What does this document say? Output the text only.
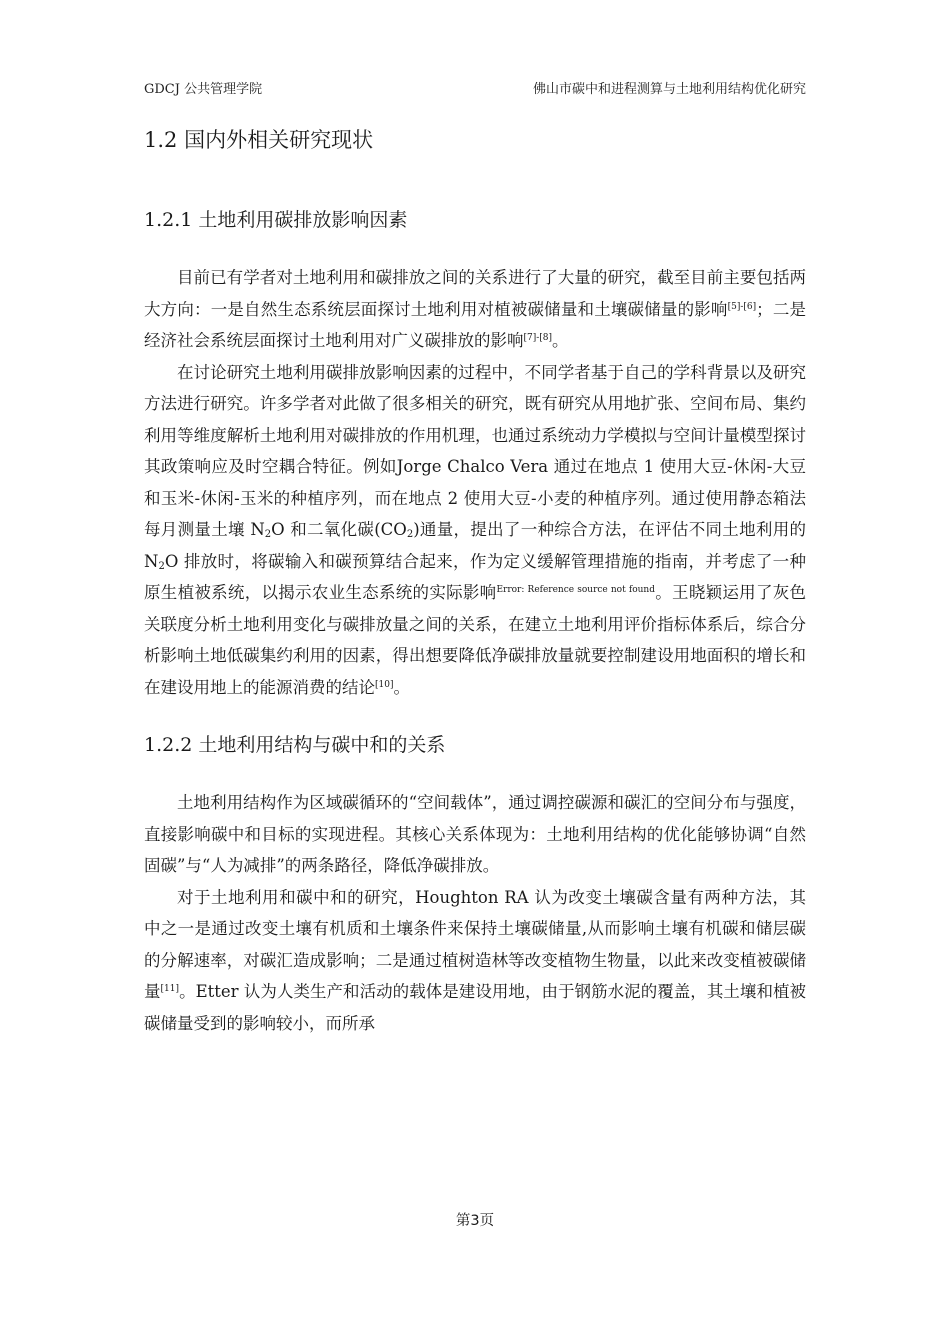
GDCJ 公共管理学院	佛山市碳中和进程测算与土地利用结构优化研究
1.2 国内外相关研究现状
1.2.1 土地利用碳排放影响因素

目前已有学者对土地利用和碳排放之间的关系进行了大量的研究，截至目前主要包括两大方向：一是自然生态系统层面探讨土地利用对植被碳储量和土壤碳储量的影响[5]-[6]；二是经济社会系统层面探讨土地利用对广义碳排放的影响[7]-[8]。

在讨论研究土地利用碳排放影响因素的过程中，不同学者基于自己的学科背景以及研究方法进行研究。许多学者对此做了很多相关的研究，既有研究从用地扩张、空间布局、集约利用等维度解析土地利用对碳排放的作用机理，也通过系统动力学模拟与空间计量模型探讨其政策响应及时空耦合特征。例如Jorge Chalco Vera 通过在地点 1 使用大豆-休闲-大豆和玉米-休闲-玉米的种植序列，而在地点 2 使用大豆-小麦的种植序列。通过使用静态箱法每月测量土壤 $N_2O$ 和二氧化碳$(CO_2)$通量，提出了一种综合方法，在评估不同土地利用的 $N_2O$ 排放时，将碳输入和碳预算结合起来，作为定义缓解管理措施的指南，并考虑了一种原生植被系统，以揭示农业生态系统的实际影响$^{Error: Reference source not found}$。王晓颖运用了灰色关联度分析土地利用变化与碳排放量之间的关系，在建立土地利用评价指标体系后，综合分析影响土地低碳集约利用的因素，得出想要降低净碳排放量就要控制建设用地面积的增长和在建设用地上的能源消费的结论[10]。

1.2.2 土地利用结构与碳中和的关系

土地利用结构作为区域碳循环的“空间载体”，通过调控碳源和碳汇的空间分布与强度，直接影响碳中和目标的实现进程。其核心关系体现为：土地利用结构的优化能够协调“自然固碳”与“人为减排”的两条路径，降低净碳排放。

对于土地利用和碳中和的研究，Houghton RA 认为改变土壤碳含量有两种方法，其中之一是通过改变土壤有机质和土壤条件来保持土壤碳储量,从而影响土壤有机碳和储层碳的分解速率，对碳汇造成影响；二是通过植树造林等改变植物生物量，以此来改变植被碳储量[11]。Etter 认为人类生产和活动的载体是建设用地，由于钢筋水泥的覆盖，其土壤和植被碳储量受到的影响较小，而所承

第3页
